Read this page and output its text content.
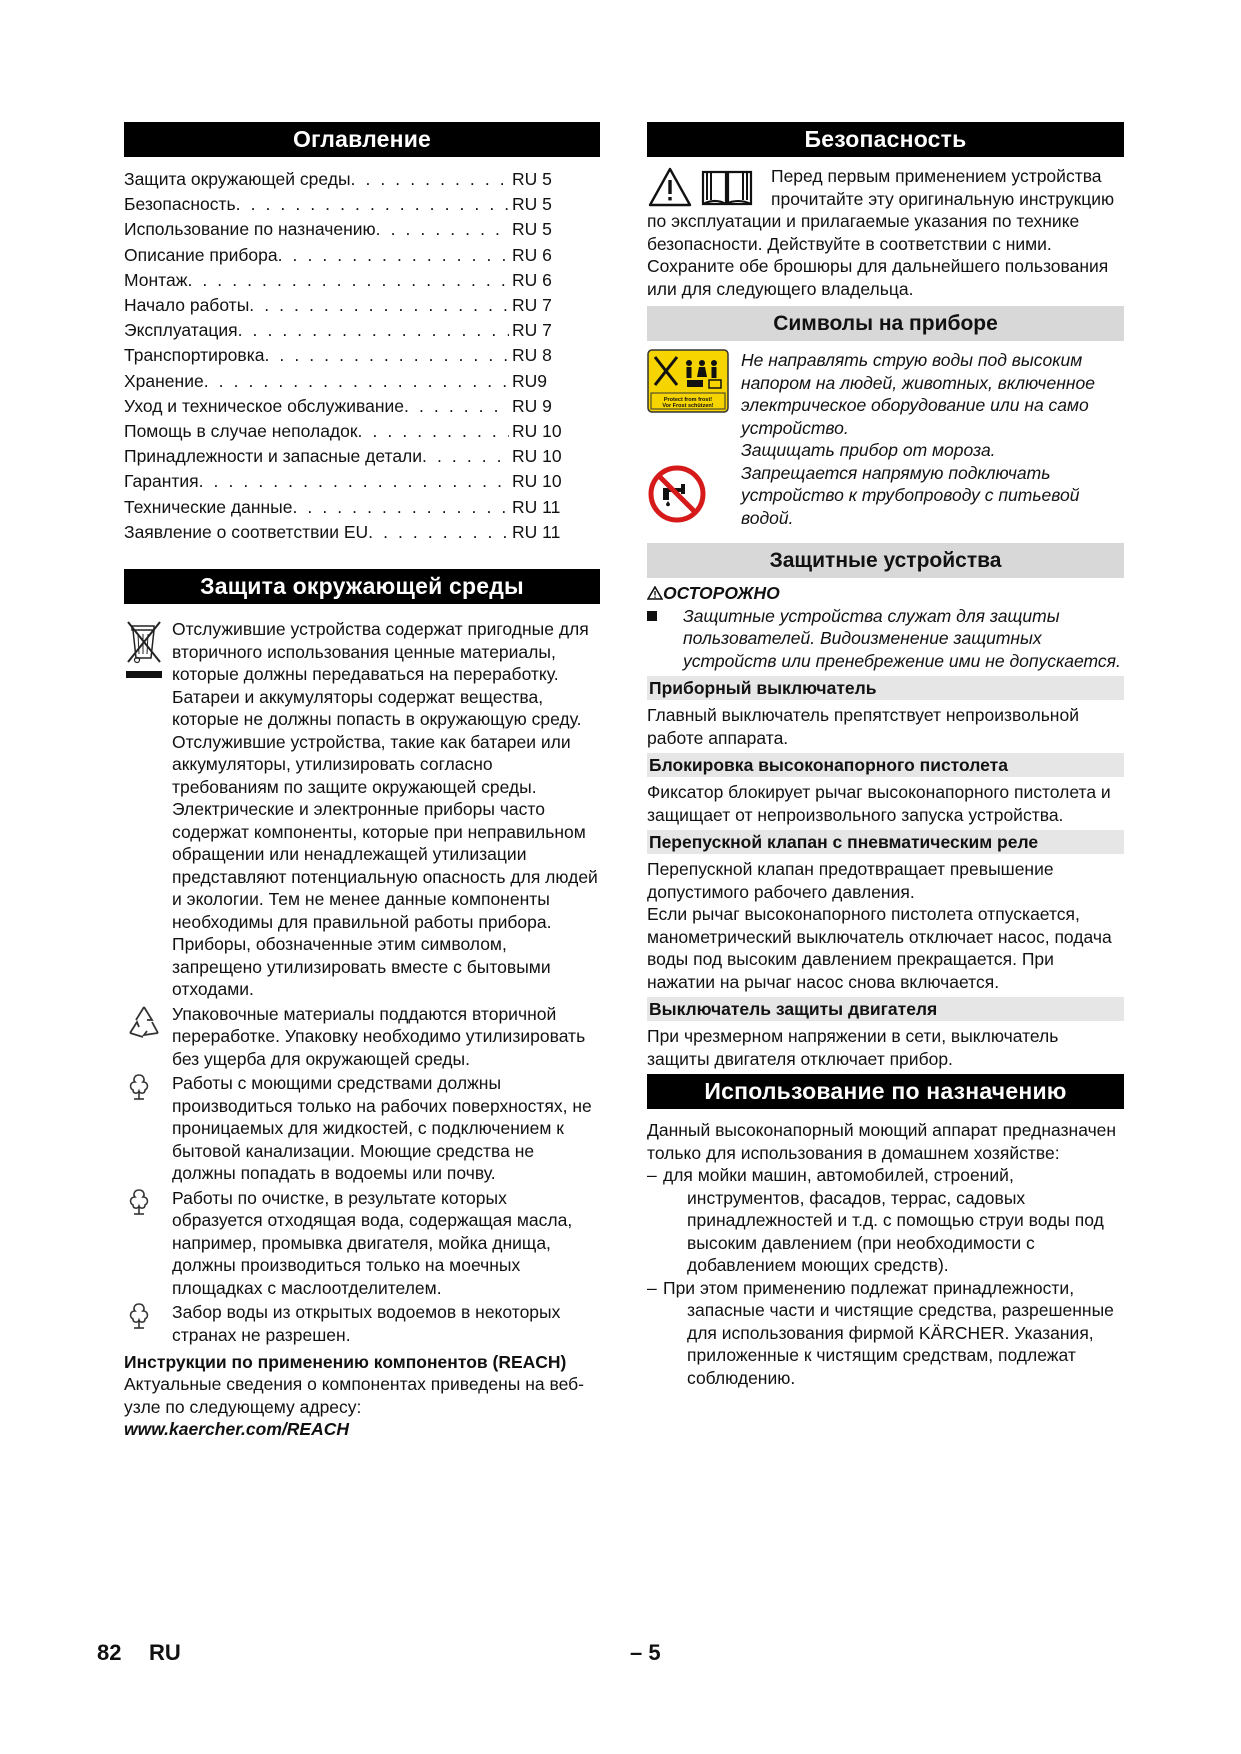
Оглавление
Защита окружающей среды . . .	RU 5
Безопасность . . .	RU 5
Использование по назначению . . .	RU 5
Описание прибора . . .	RU 6
Монтаж . . .	RU 6
Начало работы . . .	RU 7
Эксплуатация . . .	RU 7
Транспортировка . . .	RU 8
Хранение . . .	RU9
Уход и техническое обслуживание . . .	RU 9
Помощь в случае неполадок . . .	RU 10
Принадлежности и запасные детали . . .	RU 10
Гарантия . . .	RU 10
Технические данные . . .	RU 11
Заявление о соответствии EU . . .	RU 11
Защита окружающей среды
Отслужившие устройства содержат пригодные для вторичного использования ценные материалы, которые должны передаваться на переработку. Батареи и аккумуляторы содержат вещества, которые не должны попасть в окружающую среду. Отслужившие устройства, такие как батареи или аккумуляторы, утилизировать согласно требованиям по защите окружающей среды.
Электрические и электронные приборы часто содержат компоненты, которые при неправильном обращении или ненадлежащей утилизации представляют потенциальную опасность для людей и экологии. Тем не менее данные компоненты необходимы для правильной работы прибора. Приборы, обозначенные этим символом, запрещено утилизировать вместе с бытовыми отходами.
Упаковочные материалы поддаются вторичной переработке. Упаковку необходимо утилизировать без ущерба для окружающей среды.
Работы с моющими средствами должны производиться только на рабочих поверхностях, не проницаемых для жидкостей, с подключением к бытовой канализации. Моющие средства не должны попадать в водоемы или почву.
Работы по очистке, в результате которых образуется отходящая вода, содержащая масла, например, промывка двигателя, мойка днища, должны производиться только на моечных площадках с маслоотделителем.
Забор воды из открытых водоемов в некоторых странах не разрешен.
Инструкции по применению компонентов (REACH)
Актуальные сведения о компонентах приведены на веб-узле по следующему адресу:
www.kaercher.com/REACH
Безопасность
Перед первым применением устройства прочитайте эту оригинальную инструкцию по эксплуатации и прилагаемые указания по технике безопасности. Действуйте в соответствии с ними. Сохраните обе брошюры для дальнейшего пользования или для следующего владельца.
Символы на приборе
Protect from frost!
Vor Frost schützen!
Не направлять струю воды под высоким напором на людей, животных, включенное электрическое оборудование или на само устройство.
Защищать прибор от мороза.
Запрещается напрямую подключать устройство к трубопроводу с питьевой водой.
Защитные устройства
ОСТОРОЖНО
Защитные устройства служат для защиты пользователей. Видоизменение защитных устройств или пренебрежение ими не допускается.
Приборный выключатель
Главный выключатель препятствует непроизвольной работе аппарата.
Блокировка высоконапорного пистолета
Фиксатор блокирует рычаг высоконапорного пистолета и защищает от непроизвольного запуска устройства.
Перепускной клапан с пневматическим реле
Перепускной клапан предотвращает превышение допустимого рабочего давления.
Если рычаг высоконапорного пистолета отпускается, манометрический выключатель отключает насос, подача воды под высоким давлением прекращается. При нажатии на рычаг насос снова включается.
Выключатель защиты двигателя
При чрезмерном напряжении в сети, выключатель защиты двигателя отключает прибор.
Использование по назначению
Данный высоконапорный моющий аппарат предназначен только для использования в домашнем хозяйстве:
– для мойки машин, автомобилей, строений, инструментов, фасадов, террас, садовых принадлежностей и т.д. с помощью струи воды под высоким давлением (при необходимости с добавлением моющих средств).
– При этом применению подлежат принадлежности, запасные части и чистящие средства, разрешенные для использования фирмой KÄRCHER. Указания, приложенные к чистящим средствам, подлежат соблюдению.
82 RU	– 5
